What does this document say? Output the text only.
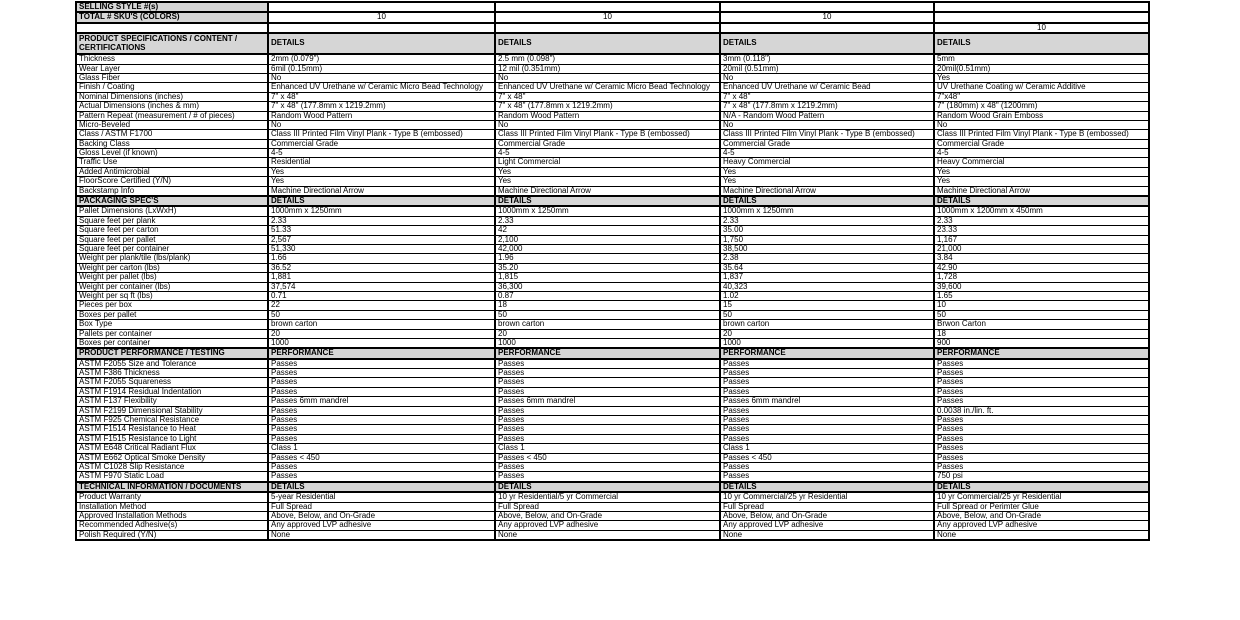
SELLING STYLE #(s)				
TOTAL # SKU'S (COLORS)	10	10	10	
				10
PRODUCT SPECIFICATIONS / CONTENT / CERTIFICATIONS	DETAILS	DETAILS	DETAILS	DETAILS
Thickness	2mm (0.079")	2.5 mm (0.098")	3mm (0.118")	5mm
Wear Layer	6mil (0.15mm)	12 mil (0.351mm)	20mil (0.51mm)	20mil(0.51mm)
Glass Fiber	No	No	No	Yes
Finish / Coating	Enhanced UV Urethane w/ Ceramic Micro Bead Technology	Enhanced UV Urethane w/ Ceramic Micro Bead Technology	Enhanced UV Urethane w/ Ceramic Bead	UV Urethane Coating w/ Ceramic Additive
Nominal Dimensions (inches)	7" x 48"	7" x 48"	7" x 48"	7"x48"
Actual Dimensions (inches & mm)	7" x 48" (177.8mm x 1219.2mm)	7" x 48" (177.8mm x 1219.2mm)	7" x 48" (177.8mm x 1219.2mm)	7" (180mm) x 48" (1200mm)
Pattern Repeat (measurement / # of pieces)	Random Wood Pattern	Random Wood Pattern	N/A - Random Wood Pattern	Random Wood Grain Emboss
Micro-Beveled	No	No	No	No
Class / ASTM F1700	Class III Printed Film Vinyl Plank - Type B (embossed)	Class III Printed Film Vinyl Plank - Type B (embossed)	Class III Printed Film Vinyl Plank - Type B (embossed)	Class III Printed Film Vinyl Plank - Type B (embossed)
Backing Class	Commercial Grade	Commercial Grade	Commercial Grade	Commercial Grade
Gloss Level (if known)	4-5	4-5	4-5	4-5
Traffic Use	Residential	Light Commercial	Heavy Commercial	Heavy Commercial
Added Antimicrobial	Yes	Yes	Yes	Yes
FloorScore Certified (Y/N)	Yes	Yes	Yes	Yes
Backstamp Info	Machine Directional Arrow	Machine Directional Arrow	Machine Directional Arrow	Machine Directional Arrow
PACKAGING SPEC'S	DETAILS	DETAILS	DETAILS	DETAILS
Pallet Dimensions (LxWxH)	1000mm x 1250mm	1000mm x 1250mm	1000mm x 1250mm	1000mm x 1200mm x 450mm
Square feet per plank	2.33	2.33	2.33	2.33
Square feet per carton	51.33	42	35.00	23.33
Square feet per pallet	2,567	2,100	1,750	1,167
Square feet per container	51,330	42,000	38,500	21,000
Weight per plank/tile (lbs/plank)	1.66	1.96	2.38	3.84
Weight per carton (lbs)	36.52	35.20	35.64	42.90
Weight per pallet (lbs)	1,881	1,815	1,837	1,728
Weight per container (lbs)	37,574	36,300	40,323	39,600
Weight per sq ft (lbs)	0.71	0.87	1.02	1.65
Pieces per box	22	18	15	10
Boxes per pallet	50	50	50	50
Box Type	brown carton	brown carton	brown carton	Brwon Carton
Pallets per container	20	20	20	18
Boxes per container	1000	1000	1000	900
PRODUCT PERFORMANCE / TESTING	PERFORMANCE	PERFORMANCE	PERFORMANCE	PERFORMANCE
ASTM F2055 Size and Tolerance	Passes	Passes	Passes	Passes
ASTM F386 Thickness	Passes	Passes	Passes	Passes
ASTM F2055 Squareness	Passes	Passes	Passes	Passes
ASTM F1914 Residual Indentation	Passes	Passes	Passes	Passes
ASTM F137 Flexibility	Passes 6mm mandrel	Passes 6mm mandrel	Passes 6mm mandrel	Passes
ASTM F2199 Dimensional Stability	Passes	Passes	Passes	0.0038 in./lin. ft.
ASTM F925 Chemical Resistance	Passes	Passes	Passes	Passes
ASTM F1514 Resistance to Heat	Passes	Passes	Passes	Passes
ASTM F1515 Resistance to Light	Passes	Passes	Passes	Passes
ASTM E648 Critical Radiant Flux	Class 1	Class 1	Class 1	Passes
ASTM E662 Optical Smoke Density	Passes < 450	Passes < 450	Passes < 450	Passes
ASTM C1028 Slip Resistance	Passes	Passes	Passes	Passes
ASTM F970 Static Load	Passes	Passes	Passes	750 psi
TECHNICAL INFORMATION / DOCUMENTS	DETAILS	DETAILS	DETAILS	DETAILS
Product Warranty	5-year Residential	10 yr Residential/5 yr Commercial	10 yr Commercial/25 yr Residential	10 yr Commercial/25 yr Residential
Installation Method	Full Spread	Full Spread	Full Spread	Full Spread or Perimter Glue
Approved Installation Methods	Above, Below, and On-Grade	Above, Below, and On-Grade	Above, Below, and On-Grade	Above, Below, and On-Grade
Recommended Adhesive(s)	Any approved LVP adhesive	Any approved LVP adhesive	Any approved LVP adhesive	Any approved LVP adhesive
Polish Required (Y/N)	None	None	None	None
